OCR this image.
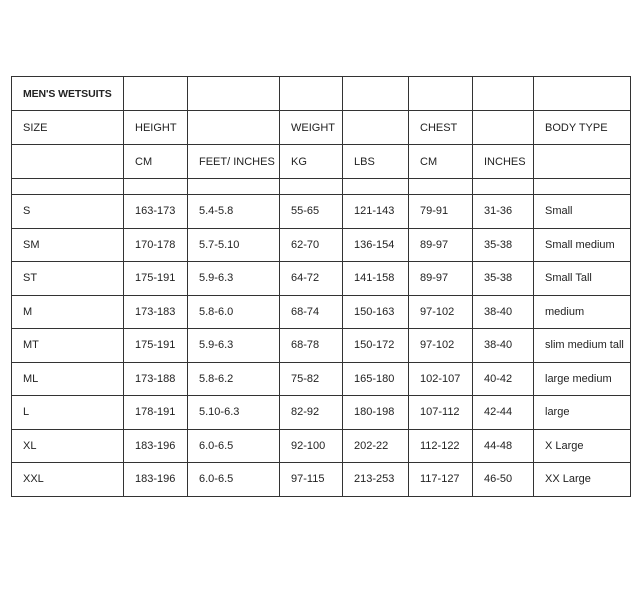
MEN'S WETSUITS							
SIZE	HEIGHT		WEIGHT		CHEST		BODY TYPE
	CM	FEET/ INCHES	KG	LBS	CM	INCHES	

S	163-173	5.4-5.8	55-65	121-143	79-91	31-36	Small
SM	170-178	5.7-5.10	62-70	136-154	89-97	35-38	Small medium
ST	175-191	5.9-6.3	64-72	141-158	89-97	35-38	Small Tall
M	173-183	5.8-6.0	68-74	150-163	97-102	38-40	medium
MT	175-191	5.9-6.3	68-78	150-172	97-102	38-40	slim medium tall
ML	173-188	5.8-6.2	75-82	165-180	102-107	40-42	large medium
L	178-191	5.10-6.3	82-92	180-198	107-112	42-44	large
XL	183-196	6.0-6.5	92-100	202-22	112-122	44-48	X Large
XXL	183-196	6.0-6.5	97-115	213-253	117-127	46-50	XX Large
